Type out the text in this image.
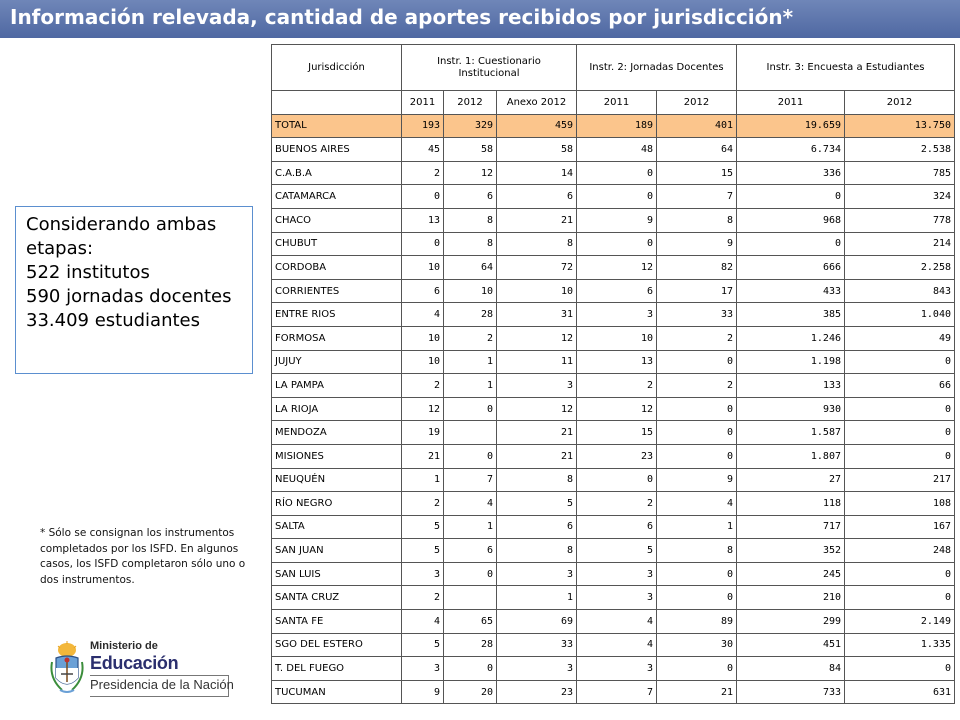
Información relevada, cantidad de aportes recibidos por jurisdicción*
Considerando ambas
etapas:
522 institutos
590 jornadas docentes
33.409 estudiantes
* Sólo se consignan los instrumentos completados por los ISFD. En algunos casos, los ISFD completaron sólo uno o dos instrumentos.
Ministerio de
Educación
Presidencia de la Nación
Jurisdicción	Instr. 1: Cuestionario Institucional			Instr. 2: Jornadas Docentes		Instr. 3: Encuesta a Estudiantes	
	2011	2012	Anexo 2012	2011	2012	2011	2012
TOTAL	193	329	459	189	401	19.659	13.750
BUENOS AIRES	45	58	58	48	64	6.734	2.538
C.A.B.A	2	12	14	0	15	336	785
CATAMARCA	0	6	6	0	7	0	324
CHACO	13	8	21	9	8	968	778
CHUBUT	0	8	8	0	9	0	214
CORDOBA	10	64	72	12	82	666	2.258
CORRIENTES	6	10	10	6	17	433	843
ENTRE RIOS	4	28	31	3	33	385	1.040
FORMOSA	10	2	12	10	2	1.246	49
JUJUY	10	1	11	13	0	1.198	0
LA PAMPA	2	1	3	2	2	133	66
LA RIOJA	12	0	12	12	0	930	0
MENDOZA	19		21	15	0	1.587	0
MISIONES	21	0	21	23	0	1.807	0
NEUQUÉN	1	7	8	0	9	27	217
RÍO NEGRO	2	4	5	2	4	118	108
SALTA	5	1	6	6	1	717	167
SAN JUAN	5	6	8	5	8	352	248
SAN LUIS	3	0	3	3	0	245	0
SANTA CRUZ	2		1	3	0	210	0
SANTA FE	4	65	69	4	89	299	2.149
SGO DEL ESTERO	5	28	33	4	30	451	1.335
T. DEL FUEGO	3	0	3	3	0	84	0
TUCUMAN	9	20	23	7	21	733	631
